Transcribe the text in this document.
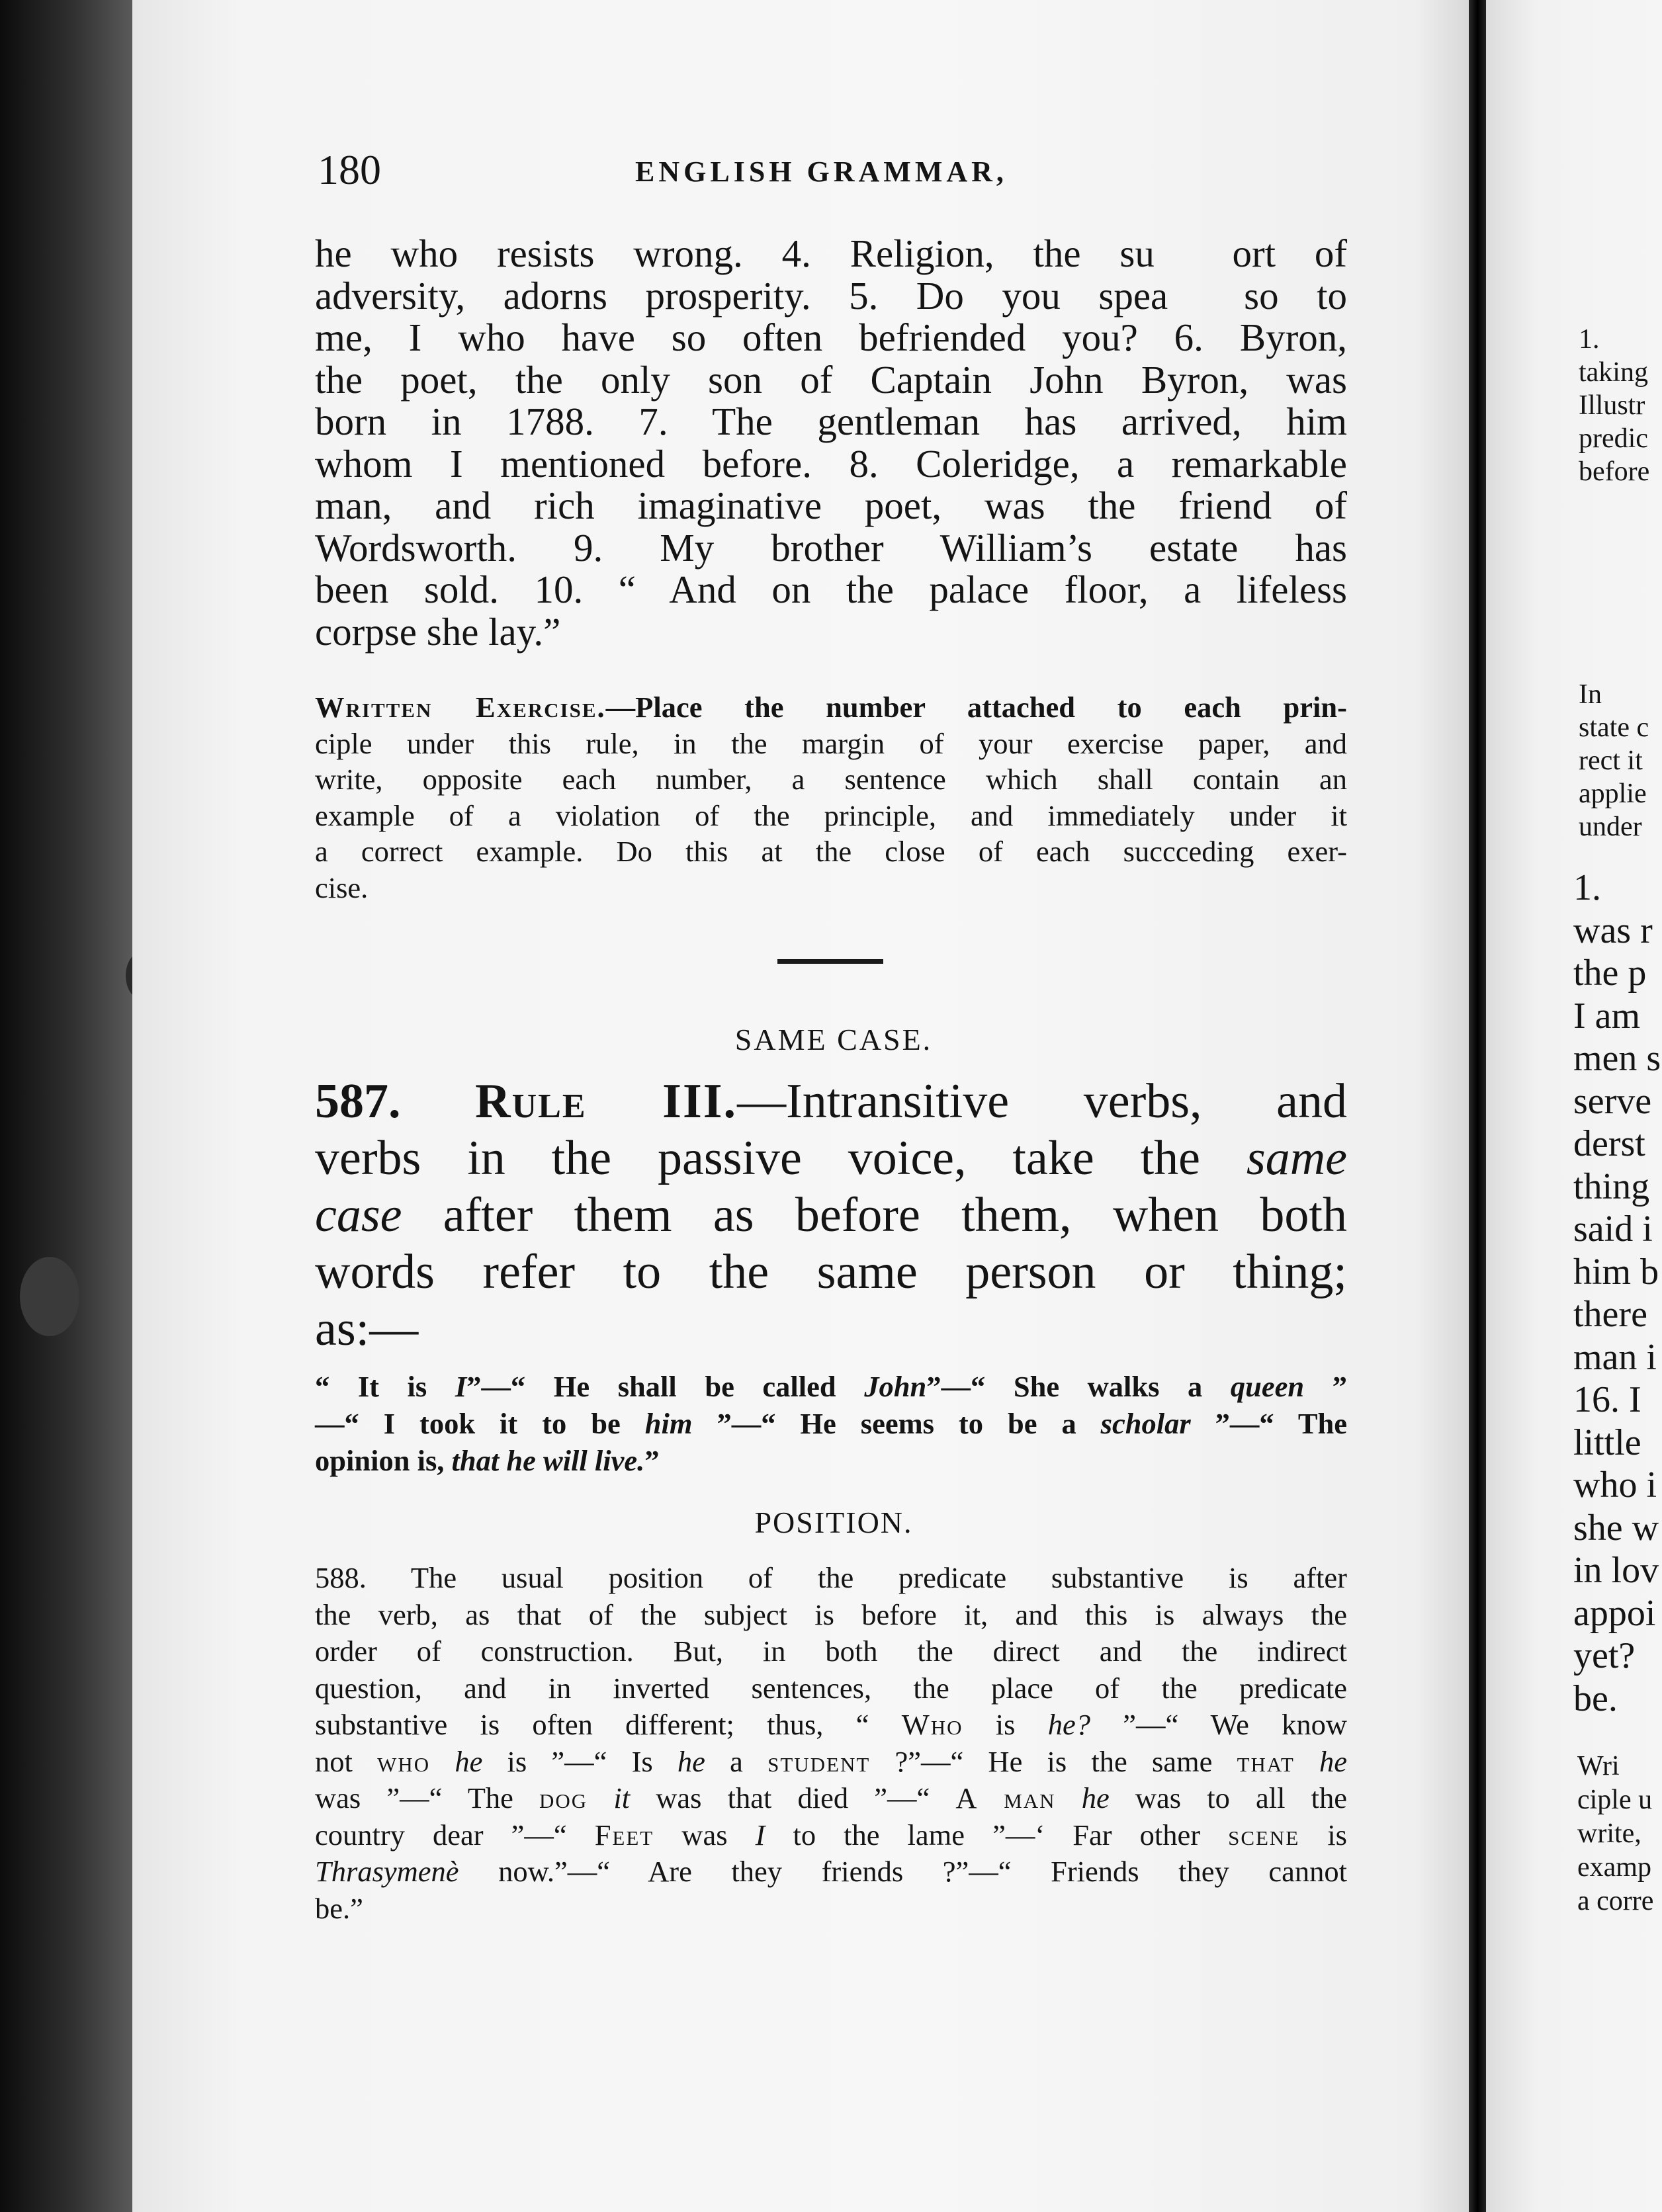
180	ENGLISH GRAMMAR,
he who resists wrong. 4. Religion, the su  ort of
adversity, adorns prosperity. 5. Do you spea  so to
me, I who have so often befriended you? 6. Byron,
the poet, the only son of Captain John Byron, was
born in 1788. 7. The gentleman has arrived, him
whom I mentioned before. 8. Coleridge, a remarkable
man, and rich imaginative poet, was the friend of
Wordsworth. 9. My brother William’s estate has
been sold. 10. “ And on the palace floor, a lifeless
corpse she lay.”
Written Exercise.—Place the number attached to each prin-
ciple under this rule, in the margin of your exercise paper, and
write, opposite each number, a sentence which shall contain an
example of a violation of the principle, and immediately under it
a correct example. Do this at the close of each succceding exer-
cise.
SAME CASE.
587. Rule III.—Intransitive verbs, and
verbs in the passive voice, take the same
case after them as before them, when both
words refer to the same person or thing;
as:—
“ It is I”—“ He shall be called John”—“ She walks a queen ”
—“ I took it to be him ”—“ He seems to be a scholar ”—“ The
opinion is, that he will live.”
POSITION.
588. The usual position of the predicate substantive is after
the verb, as that of the subject is before it, and this is always the
order of construction. But, in both the direct and the indirect
question, and in inverted sentences, the place of the predicate
substantive is often different; thus, “ Who is he? ”—“ We know
not who he is ”—“ Is he a student ?”—“ He is the same that he
was ”—“ The dog it was that died ”—“ A man he was to all the
country dear ”—“ Feet was I to the lame ”—‘ Far other scene is
Thrasymenè now.”—“ Are they friends ?”—“ Friends they cannot
be.”
1.
taking
Illustr
predic
before
In
state c
rect it
applie
under
1.
was r
the p
I am
men s
serve
derst
thing
said i
him b
there
man i
16. I
little
who i
she w
in lov
appoi
yet?
be.
Wri
ciple u
write,
examp
a corre
